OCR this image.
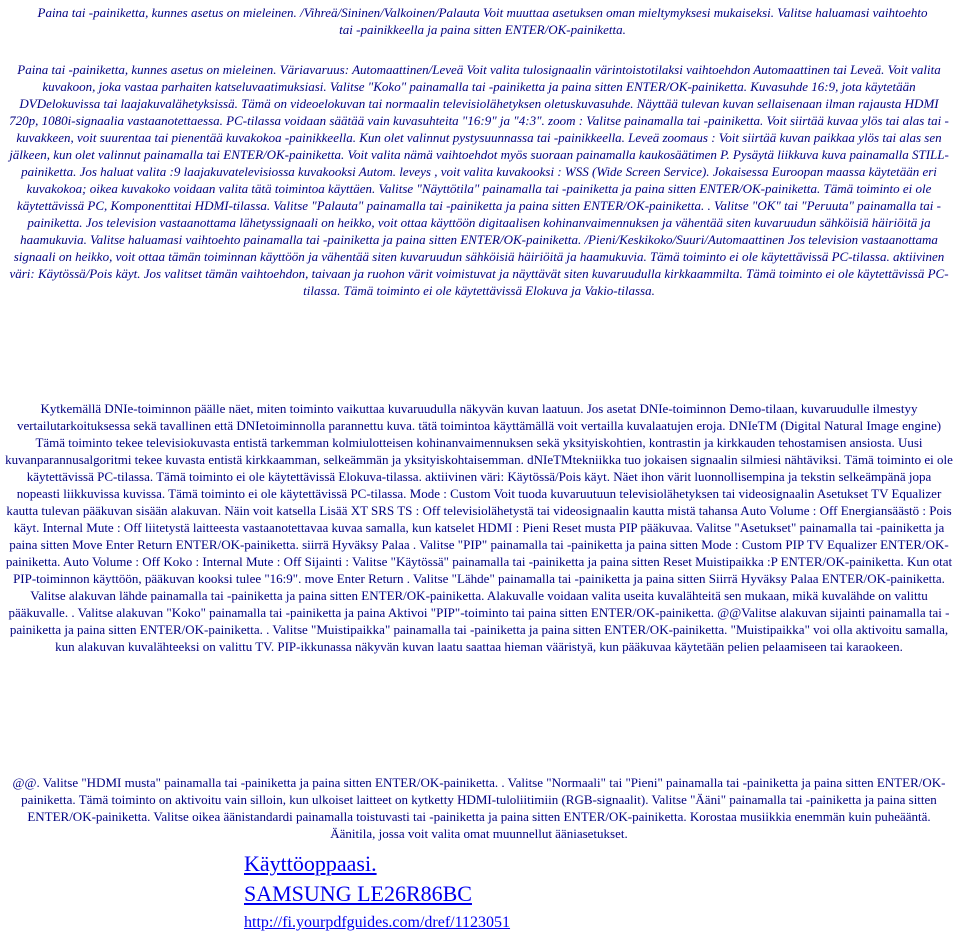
Paina tai -painiketta, kunnes asetus on mieleinen. /Vihreä/Sininen/Valkoinen/Palauta Voit muuttaa asetuksen oman mieltymyksesi mukaiseksi. Valitse haluamasi vaihtoehto tai -painikkeella ja paina sitten ENTER/OK-painiketta.

Paina tai -painiketta, kunnes asetus on mieleinen. Väriavaruus: Automaattinen/Leveä Voit valita tulosignaalin värintoistotilaksi vaihtoehdon Automaattinen tai Leveä. Voit valita kuvakoon, joka vastaa parhaiten katseluvaatimuksiasi. Valitse "Koko" painamalla tai -painiketta ja paina sitten ENTER/OK-painiketta. Kuvasuhde 16:9, jota käytetään DVDelokuvissa tai laajakuvalähetyksissä. Tämä on videoelokuvan tai normaalin televisiolähetyksen oletuskuvasuhde. Näyttää tulevan kuvan sellaisenaan ilman rajausta HDMI 720p, 1080i-signaalia vastaanotettaessa. PC-tilassa voidaan säätää vain kuvasuhteita "16:9" ja "4:3". zoom : Valitse painamalla tai -painiketta. Voit siirtää kuvaa ylös tai alas tai -kuvakkeen, voit suurentaa tai pienentää kuvakokoa -painikkeella. Kun olet valinnut pystysuunnassa tai -painikkeella. Leveä zoomaus : Voit siirtää kuvan paikkaa ylös tai alas sen jälkeen, kun olet valinnut painamalla tai ENTER/OK-painiketta. Voit valita nämä vaihtoehdot myös suoraan painamalla kaukosäätimen P. Pysäytä liikkuva kuva painamalla STILL-painiketta. Jos haluat valita :9 laajakuvatelevisiossa kuvakooksi Autom. leveys , voit valita kuvakooksi : WSS (Wide Screen Service). Jokaisessa Euroopan maassa käytetään eri kuvakokoa; oikea kuvakoko voidaan valita tätä toimintoa käyttäen. Valitse "Näyttötila" painamalla tai -painiketta ja paina sitten ENTER/OK-painiketta. Tämä toiminto ei ole käytettävissä PC, Komponenttitai HDMI-tilassa. Valitse "Palauta" painamalla tai -painiketta ja paina sitten ENTER/OK-painiketta. . Valitse "OK" tai "Peruuta" painamalla tai -painiketta. Jos television vastaanottama lähetyssignaali on heikko, voit ottaa käyttöön digitaalisen kohinanvaimennuksen ja vähentää siten kuvaruudun sähköisiä häiriöitä ja haamukuvia. Valitse haluamasi vaihtoehto painamalla tai -painiketta ja paina sitten ENTER/OK-painiketta. /Pieni/Keskikoko/Suuri/Automaattinen Jos television vastaanottama signaali on heikko, voit ottaa tämän toiminnan käyttöön ja vähentää siten kuvaruudun sähköisiä häiriöitä ja haamukuvia. Tämä toiminto ei ole käytettävissä PC-tilassa. aktiivinen väri: Käytössä/Pois käyt. Jos valitset tämän vaihtoehdon, taivaan ja ruohon värit voimistuvat ja näyttävät siten kuvaruudulla kirkkaammilta. Tämä toiminto ei ole käytettävissä PC-tilassa. Tämä toiminto ei ole käytettävissä Elokuva ja Vakio-tilassa.

Kytkemällä DNIe-toiminnon päälle näet, miten toiminto vaikuttaa kuvaruudulla näkyvän kuvan laatuun. Jos asetat DNIe-toiminnon Demo-tilaan, kuvaruudulle ilmestyy vertailutarkoituksessa sekä tavallinen että DNIetoiminnolla parannettu kuva. tätä toimintoa käyttämällä voit vertailla kuvalaatujen eroja. DNIeTM (Digital Natural Image engine) Tämä toiminto tekee televisiokuvasta entistä tarkemman kolmiulotteisen kohinanvaimennuksen sekä yksityiskohtien, kontrastin ja kirkkauden tehostamisen ansiosta. Uusi kuvanparannusalgoritmi tekee kuvasta entistä kirkkaamman, selkeämmän ja yksityiskohtaisemman. dNIeTMtekniikka tuo jokaisen signaalin silmiesi nähtäviksi. Tämä toiminto ei ole käytettävissä PC-tilassa. Tämä toiminto ei ole käytettävissä Elokuva-tilassa. aktiivinen väri: Käytössä/Pois käyt. Näet ihon värit luonnollisempina ja tekstin selkeämpänä jopa nopeasti liikkuvissa kuvissa. Tämä toiminto ei ole käytettävissä PC-tilassa. Mode : Custom Voit tuoda kuvaruutuun televisiolähetyksen tai videosignaalin Asetukset TV Equalizer kautta tulevan pääkuvan sisään alakuvan. Näin voit katsella Lisää XT SRS TS : Off televisiolähetystä tai videosignaalin kautta mistä tahansa Auto Volume : Off Energiansäästö : Pois käyt. Internal Mute : Off liitetystä laitteesta vastaanotettavaa kuvaa samalla, kun katselet HDMI : Pieni Reset musta PIP pääkuvaa. Valitse "Asetukset" painamalla tai -painiketta ja paina sitten Move Enter Return ENTER/OK-painiketta. siirrä Hyväksy Palaa . Valitse "PIP" painamalla tai -painiketta ja paina sitten Mode : Custom PIP TV Equalizer ENTER/OK-painiketta. Auto Volume : Off Koko : Internal Mute : Off Sijainti : Valitse "Käytössä" painamalla tai -painiketta ja paina sitten Reset Muistipaikka :P ENTER/OK-painiketta. Kun otat PIP-toiminnon käyttöön, pääkuvan kooksi tulee "16:9". move Enter Return . Valitse "Lähde" painamalla tai -painiketta ja paina sitten Siirrä Hyväksy Palaa ENTER/OK-painiketta. Valitse alakuvan lähde painamalla tai -painiketta ja paina sitten ENTER/OK-painiketta. Alakuvalle voidaan valita useita kuvalähteitä sen mukaan, mikä kuvalähde on valittu pääkuvalle. . Valitse alakuvan "Koko" painamalla tai -painiketta ja paina Aktivoi "PIP"-toiminto tai paina sitten ENTER/OK-painiketta. @@Valitse alakuvan sijainti painamalla tai -painiketta ja paina sitten ENTER/OK-painiketta. . Valitse "Muistipaikka" painamalla tai -painiketta ja paina sitten ENTER/OK-painiketta. "Muistipaikka" voi olla aktivoitu samalla, kun alakuvan kuvalähteeksi on valittu TV. PIP-ikkunassa näkyvän kuvan laatu saattaa hieman vääristyä, kun pääkuvaa käytetään pelien pelaamiseen tai karaokeen.

@@. Valitse "HDMI musta" painamalla tai -painiketta ja paina sitten ENTER/OK-painiketta. . Valitse "Normaali" tai "Pieni" painamalla tai -painiketta ja paina sitten ENTER/OK-painiketta. Tämä toiminto on aktivoitu vain silloin, kun ulkoiset laitteet on kytketty HDMI-tuloliitimiin (RGB-signaalit). Valitse "Ääni" painamalla tai -painiketta ja paina sitten ENTER/OK-painiketta. Valitse oikea äänistandardi painamalla toistuvasti tai -painiketta ja paina sitten ENTER/OK-painiketta. Korostaa musiikkia enemmän kuin puheääntä. Äänitila, jossa voit valita omat muunnellut ääniasetukset.

Käyttöoppaasi.
SAMSUNG LE26R86BC
http://fi.yourpdfguides.com/dref/1123051
